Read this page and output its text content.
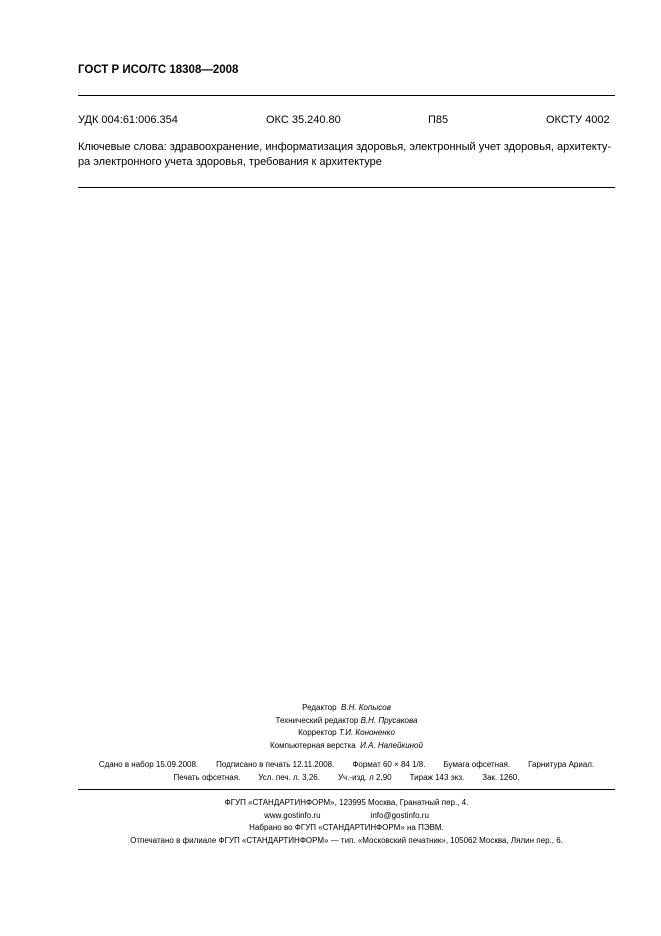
ГОСТ Р ИСО/ТС 18308—2008
УДК 004:61:006.354	ОКС 35.240.80	П85	ОКСТУ 4002
Ключевые слова: здравоохранение, информатизация здоровья, электронный учет здоровья, архитекту-
ра электронного учета здоровья, требования к архитектуре
Редактор В.Н. Копысов
Технический редактор В.Н. Прусакова
Корректор Т.И. Кононенко
Компьютерная верстка И.А. Налейкиной
Сдано в набор 15.09.2008. Подписано в печать 12.11.2008. Формат 60 × 84 1/8. Бумага офсетная. Гарнитура Ариал.
Печать офсетная. Усл. печ. л. 3,26. Уч.-изд. л 2,90 Тираж 143 экз. Зак. 1260.
ФГУП «СТАНДАРТИНФОРМ», 123995 Москва, Гранатный пер., 4.
www.gostinfo.ru	info@gostinfo.ru
Набрано во ФГУП «СТАНДАРТИНФОРМ» на ПЭВМ.
Отпечатано в филиале ФГУП «СТАНДАРТИНФОРМ» — тип. «Московский печатник», 105062 Москва, Лялин пер., 6.
